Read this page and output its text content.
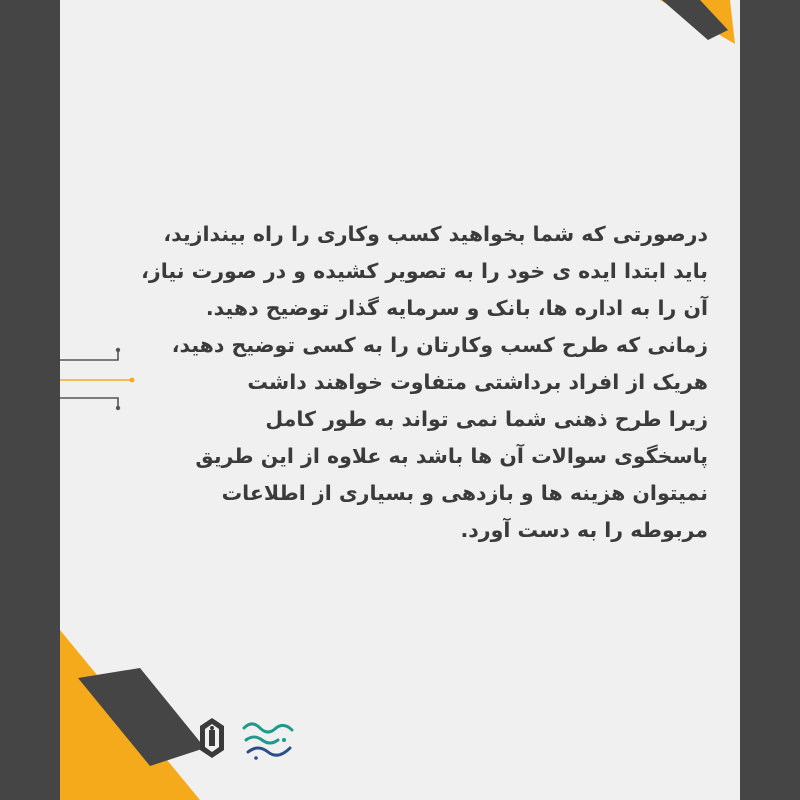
درصورتی که شما بخواهید کسب وکاری را راه بیندازید،
باید ابتدا ایده ی خود را به تصویر کشیده و در صورت نیاز،
آن را به اداره ها، بانک و سرمایه گذار توضیح دهید.
زمانی که طرح کسب وکارتان را به کسی توضیح دهید،
هریک از افراد برداشتی متفاوت خواهند داشت
زیرا طرح ذهنی شما نمی تواند به طور کامل
پاسخگوی سوالات آن ها باشد به علاوه از این طریق
نمیتوان هزینه ها و بازدهی و بسیاری از اطلاعات
مربوطه را به دست آورد.
